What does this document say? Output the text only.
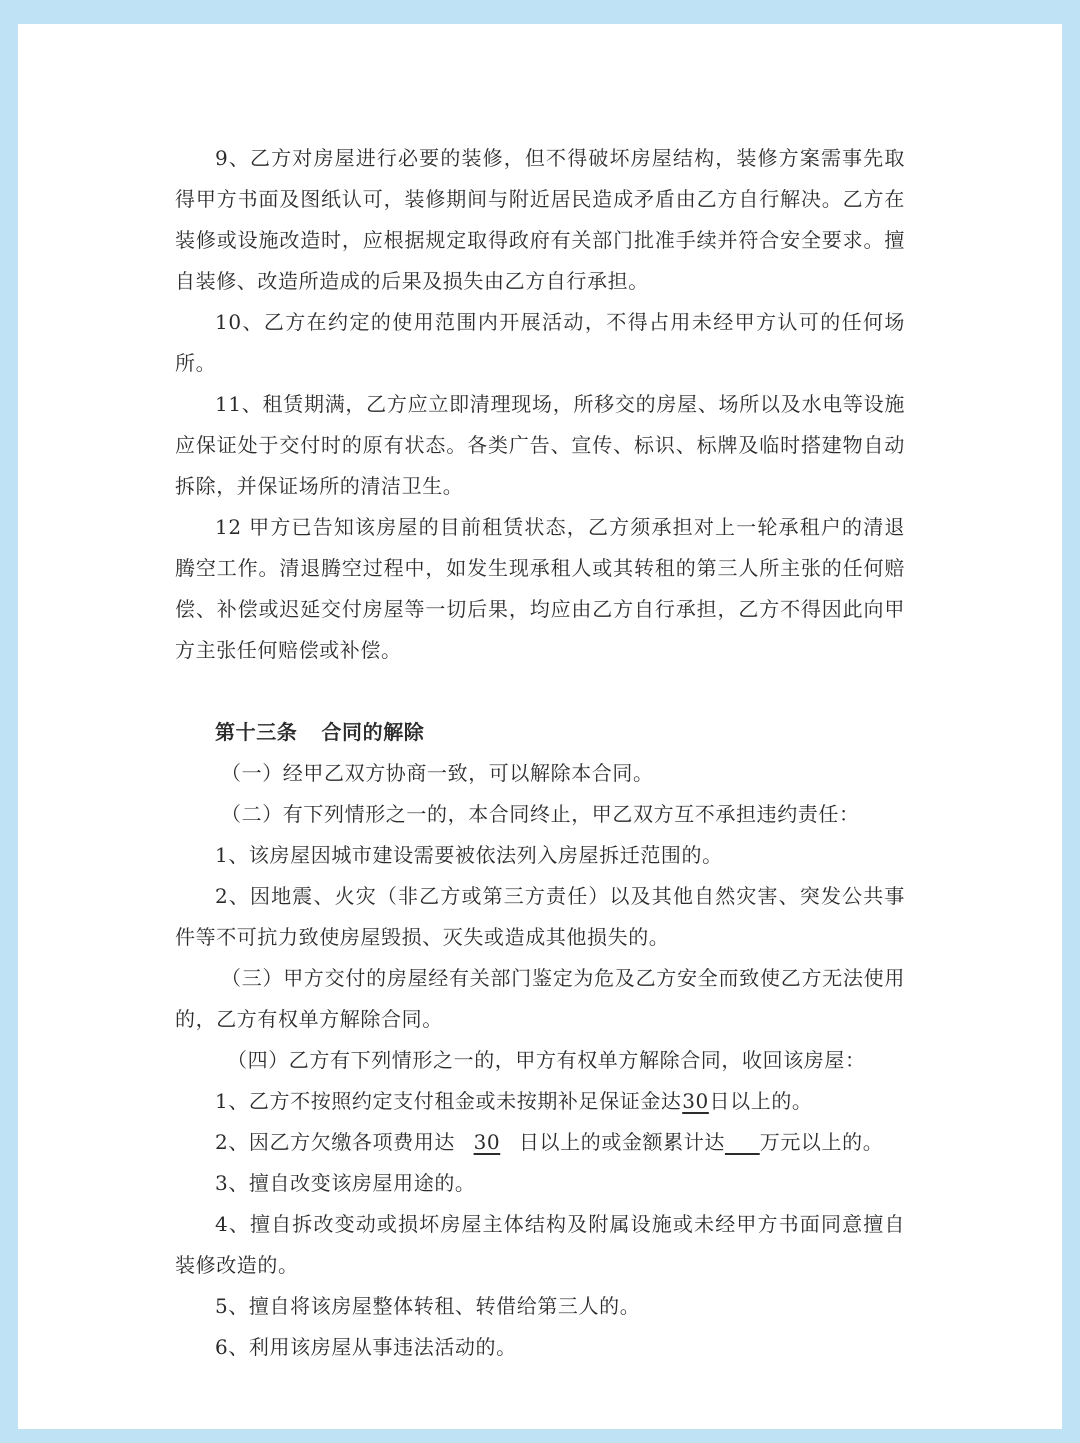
9、乙方对房屋进行必要的装修，但不得破坏房屋结构，装修方案需事先取得甲方书面及图纸认可，装修期间与附近居民造成矛盾由乙方自行解决。乙方在装修或设施改造时，应根据规定取得政府有关部门批准手续并符合安全要求。擅自装修、改造所造成的后果及损失由乙方自行承担。

10、乙方在约定的使用范围内开展活动，不得占用未经甲方认可的任何场所。

11、租赁期满，乙方应立即清理现场，所移交的房屋、场所以及水电等设施应保证处于交付时的原有状态。各类广告、宣传、标识、标牌及临时搭建物自动拆除，并保证场所的清洁卫生。

12 甲方已告知该房屋的目前租赁状态，乙方须承担对上一轮承租户的清退腾空工作。清退腾空过程中，如发生现承租人或其转租的第三人所主张的任何赔偿、补偿或迟延交付房屋等一切后果，均应由乙方自行承担，乙方不得因此向甲方主张任何赔偿或补偿。

第十三条 合同的解除

（一）经甲乙双方协商一致，可以解除本合同。

（二）有下列情形之一的，本合同终止，甲乙双方互不承担违约责任：

1、该房屋因城市建设需要被依法列入房屋拆迁范围的。

2、因地震、火灾（非乙方或第三方责任）以及其他自然灾害、突发公共事件等不可抗力致使房屋毁损、灭失或造成其他损失的。

（三）甲方交付的房屋经有关部门鉴定为危及乙方安全而致使乙方无法使用的，乙方有权单方解除合同。

（四）乙方有下列情形之一的，甲方有权单方解除合同，收回该房屋：

1、乙方不按照约定支付租金或未按期补足保证金达30日以上的。

2、因乙方欠缴各项费用达 30 日以上的或金额累计达 万元以上的。

3、擅自改变该房屋用途的。

4、擅自拆改变动或损坏房屋主体结构及附属设施或未经甲方书面同意擅自装修改造的。

5、擅自将该房屋整体转租、转借给第三人的。

6、利用该房屋从事违法活动的。
